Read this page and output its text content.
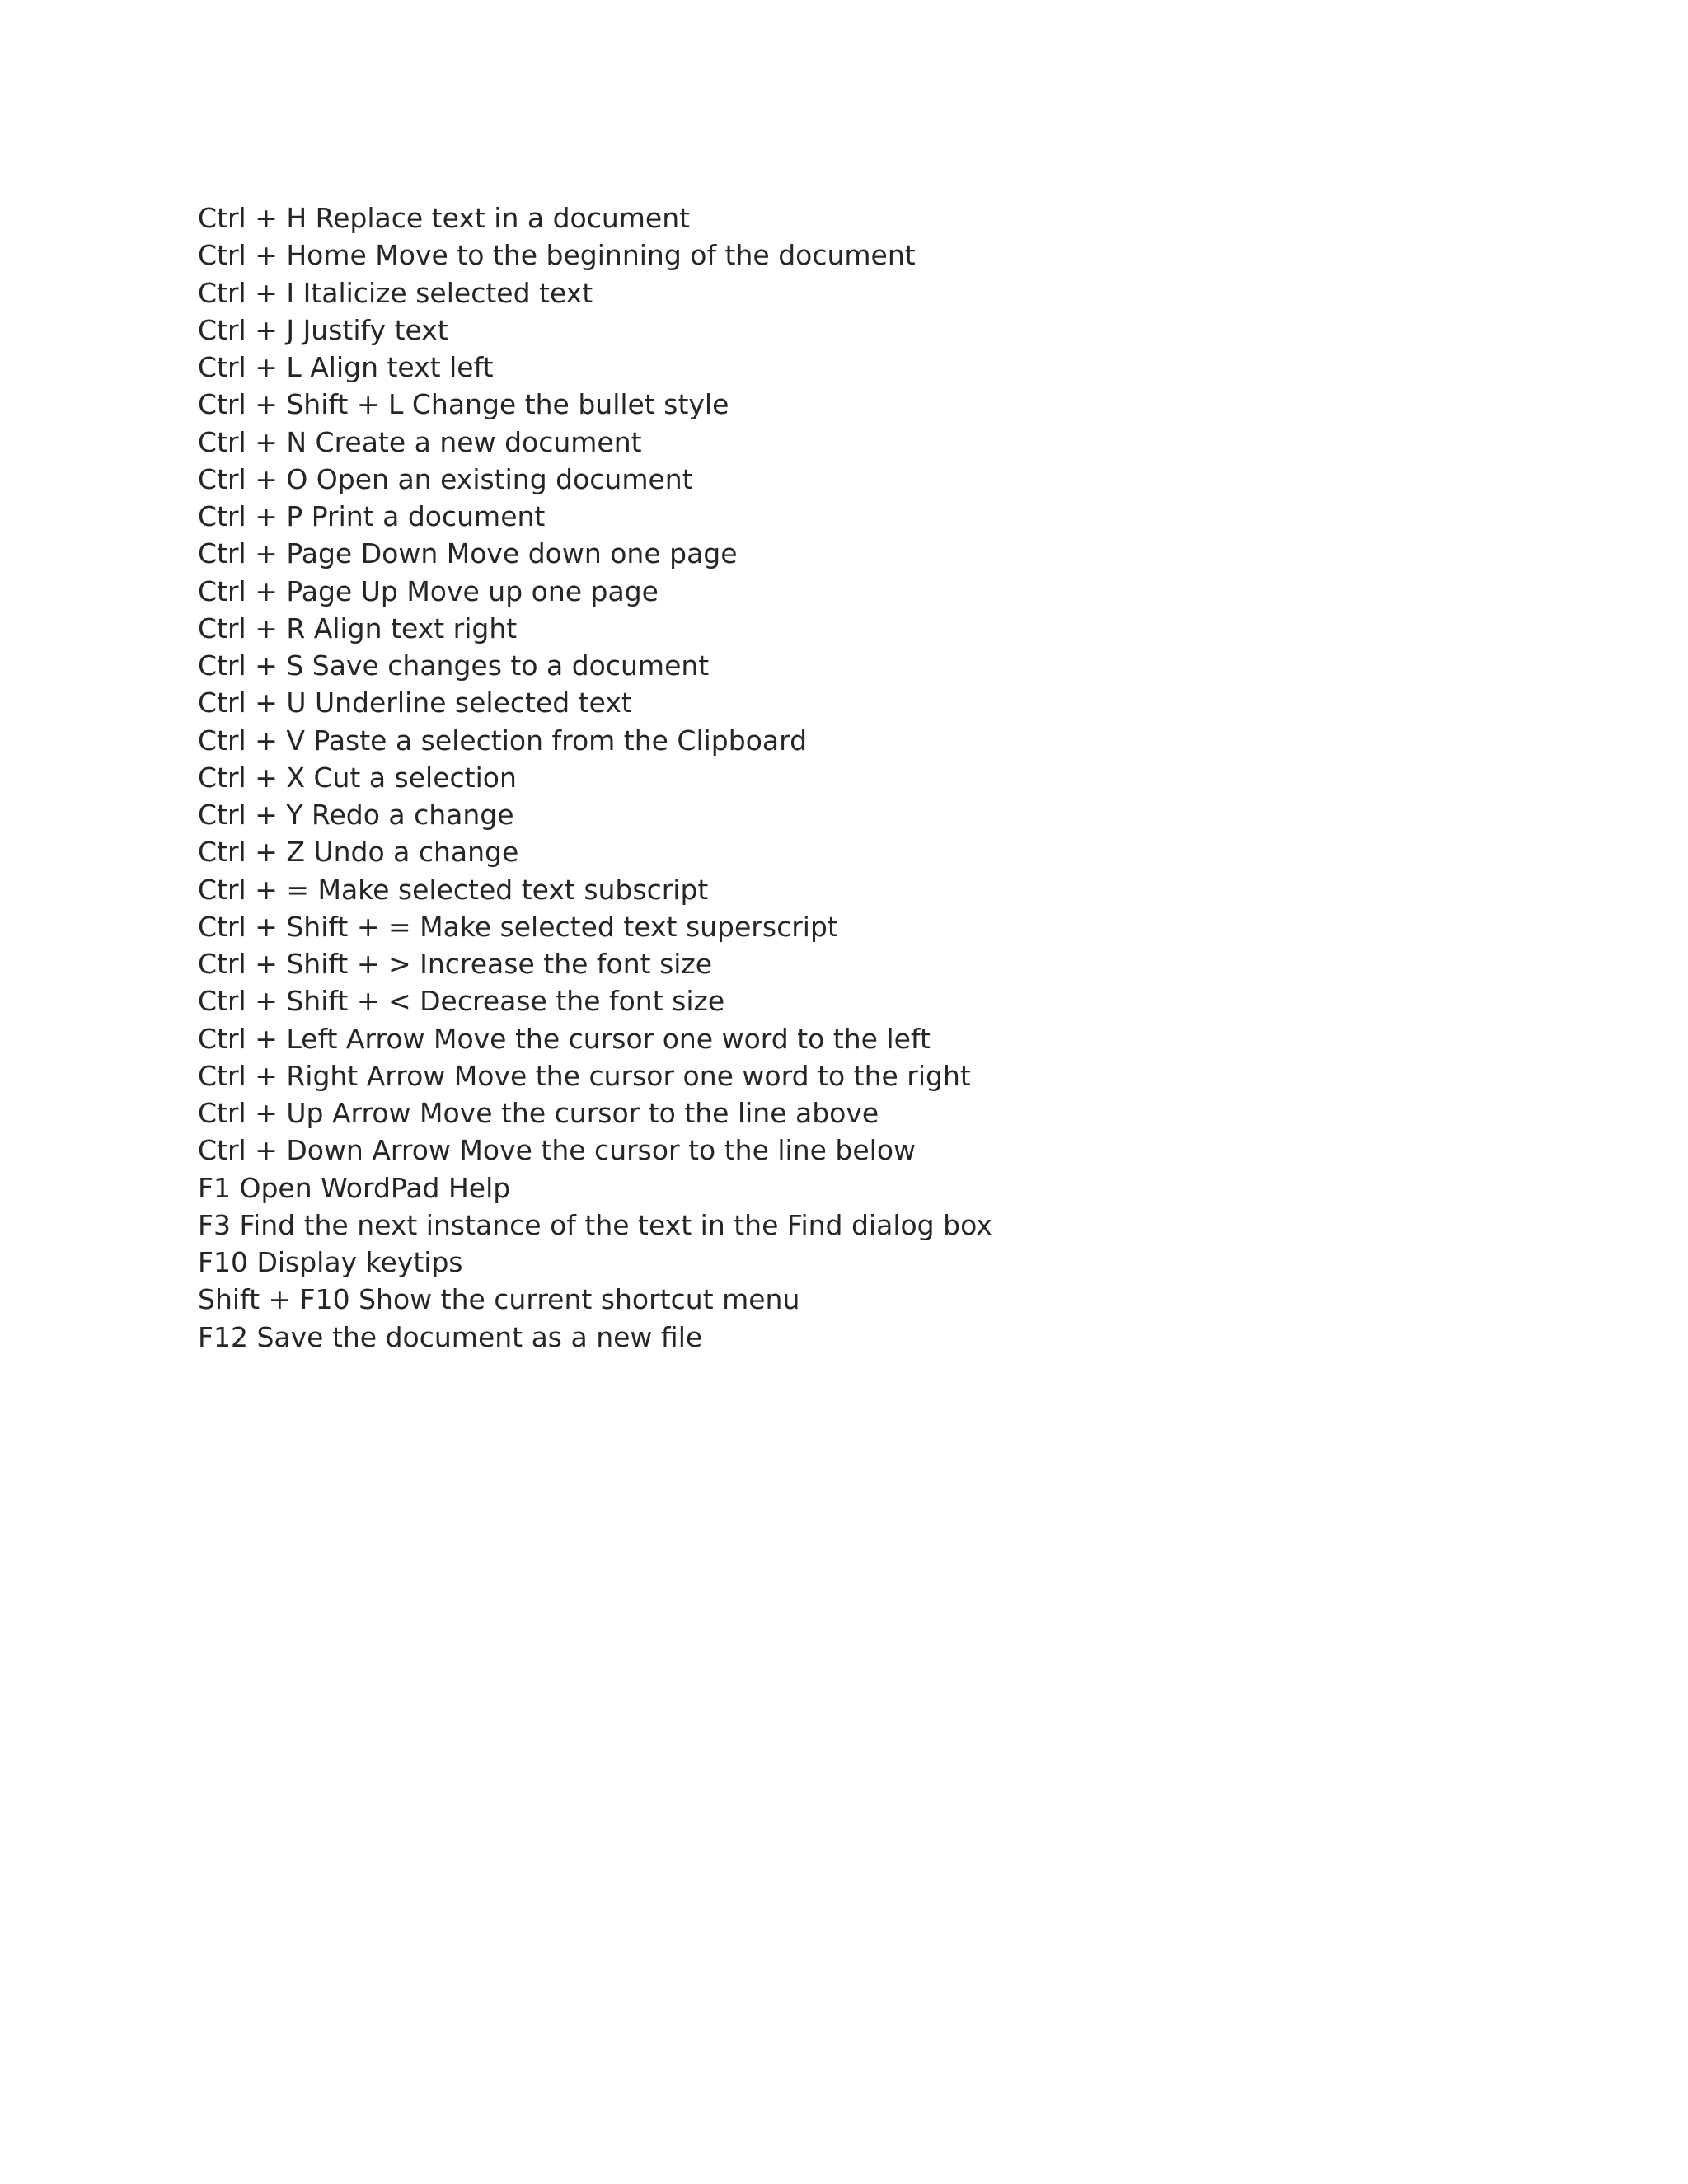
Ctrl + H Replace text in a document
Ctrl + Home Move to the beginning of the document
Ctrl + I Italicize selected text
Ctrl + J Justify text
Ctrl + L Align text left
Ctrl + Shift + L Change the bullet style
Ctrl + N Create a new document
Ctrl + O Open an existing document
Ctrl + P Print a document
Ctrl + Page Down Move down one page
Ctrl + Page Up Move up one page
Ctrl + R Align text right
Ctrl + S Save changes to a document
Ctrl + U Underline selected text
Ctrl + V Paste a selection from the Clipboard
Ctrl + X Cut a selection
Ctrl + Y Redo a change
Ctrl + Z Undo a change
Ctrl + = Make selected text subscript
Ctrl + Shift + = Make selected text superscript
Ctrl + Shift + > Increase the font size
Ctrl + Shift + < Decrease the font size
Ctrl + Left Arrow Move the cursor one word to the left
Ctrl + Right Arrow Move the cursor one word to the right
Ctrl + Up Arrow Move the cursor to the line above
Ctrl + Down Arrow Move the cursor to the line below
F1 Open WordPad Help
F3 Find the next instance of the text in the Find dialog box
F10 Display keytips
Shift + F10 Show the current shortcut menu
F12 Save the document as a new file
